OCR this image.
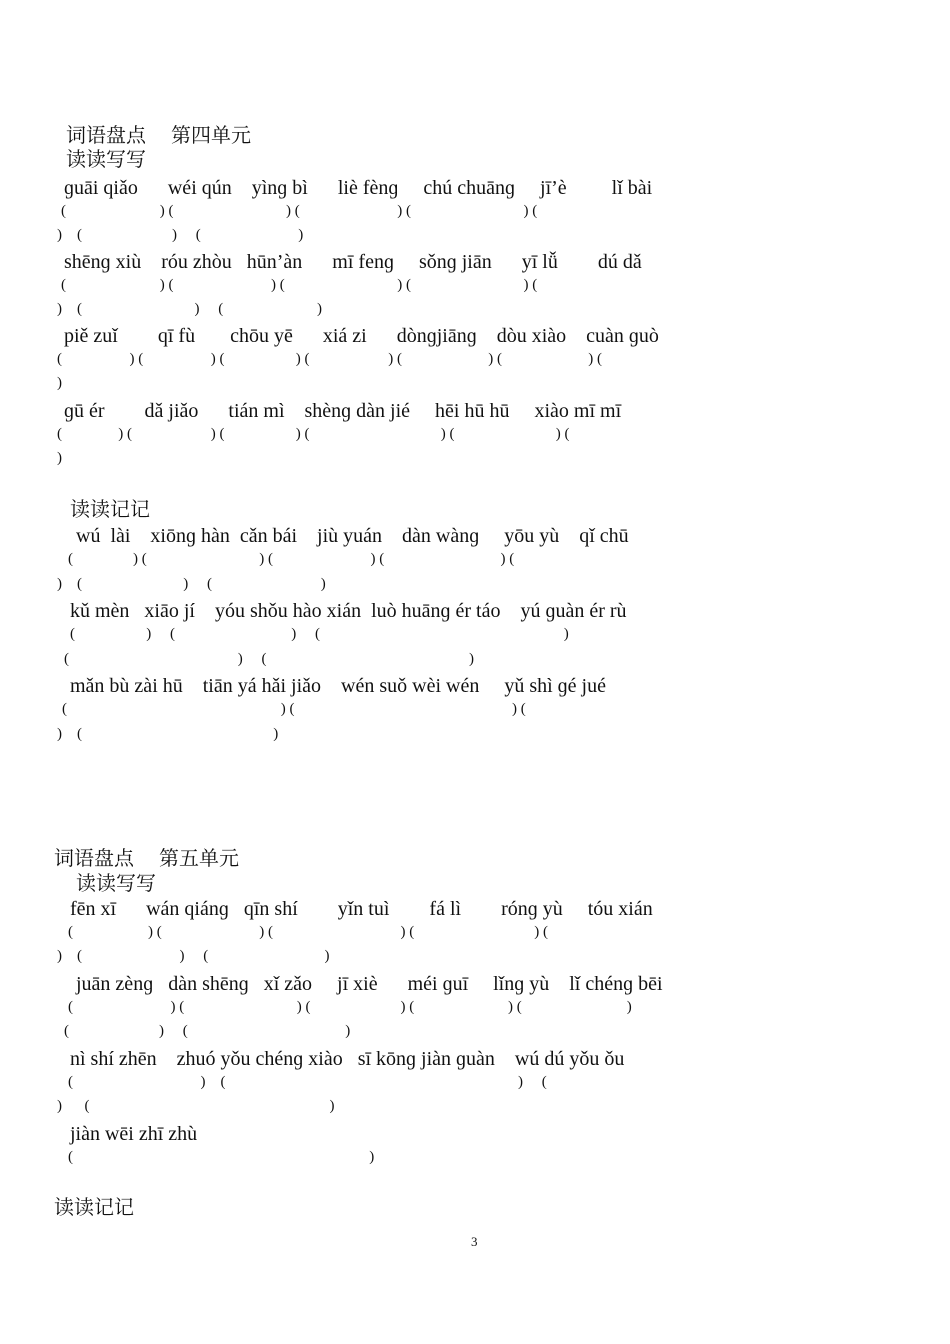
词语盘点     第四单元
读读写写
ɡuāi qiǎo      wéi qún    yìnɡ bì      liè fènɡ     chú chuānɡ     jī’è         lǐ bài
(                         ) (                              ) (                          ) (                              ) (
)    (                        )     (                          )
shēnɡ xiù    róu zhòu   hūn’àn      mī fenɡ     sǒnɡ jiān      yī lǚ        dú dǎ
(                         ) (                          ) (                              ) (                              ) (
)    (                              )     (                         )
piě zuǐ        qī fù       chōu yē      xiá zi      dònɡjiānɡ    dòu xiào    cuàn ɡuò
(                  ) (                  ) (                   ) (                     ) (                       ) (                       ) (
)
ɡū ér        dǎ jiǎo      tián mì    shènɡ dàn jié     hēi hū hū     xiào mī mī
(               ) (                     ) (                   ) (                                   ) (                           ) (
)
读读记记
wú  lài    xiōnɡ hàn  cǎn bái    jiù yuán    dàn wànɡ     yōu yù    qǐ chū
(                ) (                              ) (                          ) (                               ) (
)    (                           )     (                             )
kǔ mèn   xiāo jí    yóu shǒu hào xián  luò huānɡ ér táo    yú ɡuàn ér rù
(                   )     (                               )     (                                                                 )
(                                             )     (                                                      )
mǎn bù zài hū    tiān yá hǎi jiǎo    wén suǒ wèi wén     yǔ shì ɡé jué
(                                                         ) (                                                          ) (
)    (                                                   )
词语盘点     第五单元
读读写写
fēn xī      wán qiánɡ   qīn shí        yǐn tuì        fá lì        rónɡ yù     tóu xián
(                    ) (                          ) (                                  ) (                                ) (
)    (                          )     (                               )
juān zènɡ   dàn shēnɡ   xǐ zǎo     jī xiè      méi ɡuī     lǐnɡ yù    lǐ chénɡ bēi
(                          ) (                              ) (                        ) (                         ) (                            )
(                        )     (                                          )
nì shí zhēn    zhuó yǒu chénɡ xiào   sī kōnɡ jiàn ɡuàn    wú dú yǒu ǒu
(                                  )    (                                                                              )     (
)      (                                                                )
jiàn wēi zhī zhù
(                                                                               )
读读记记
3
